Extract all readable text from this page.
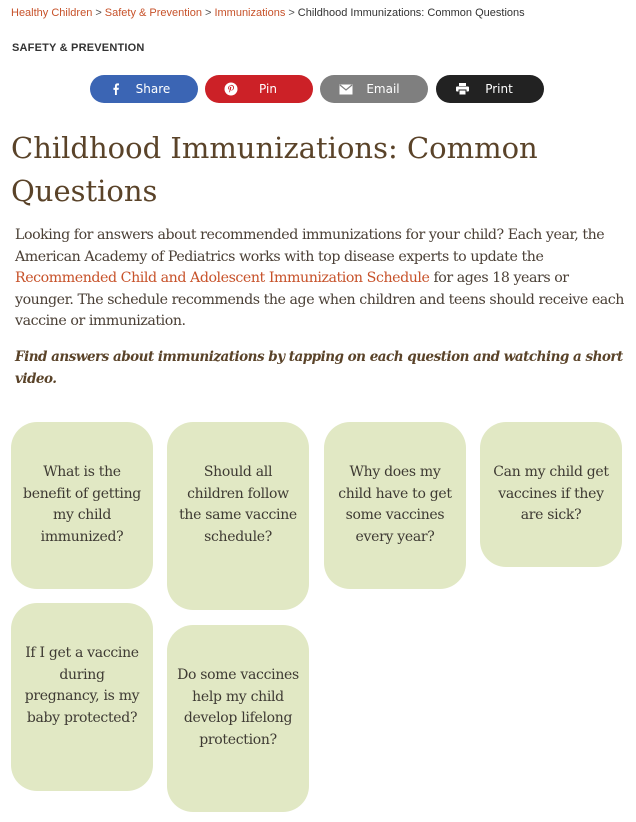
Healthy Children > Safety & Prevention > Immunizations > Childhood Immunizations: Common Questions
SAFETY & PREVENTION
Share	Pin	Email	Print
Childhood Immunizations: Common Questions

Looking for answers about recommended immunizations for your child? Each year, the American Academy of Pediatrics works with top disease experts to update the Recommended Child and Adolescent Immunization Schedule for ages 18 years or younger. The schedule recommends the age when children and teens should receive each vaccine or immunization.

Find answers about immunizations by tapping on each question and watching a short video.

What is the benefit of getting my child immunized?
Should all children follow the same vaccine schedule?
Why does my child have to get some vaccines every year?
Can my child get vaccines if they are sick?
If I get a vaccine during pregnancy, is my baby protected?
Do some vaccines help my child develop lifelong protection?
